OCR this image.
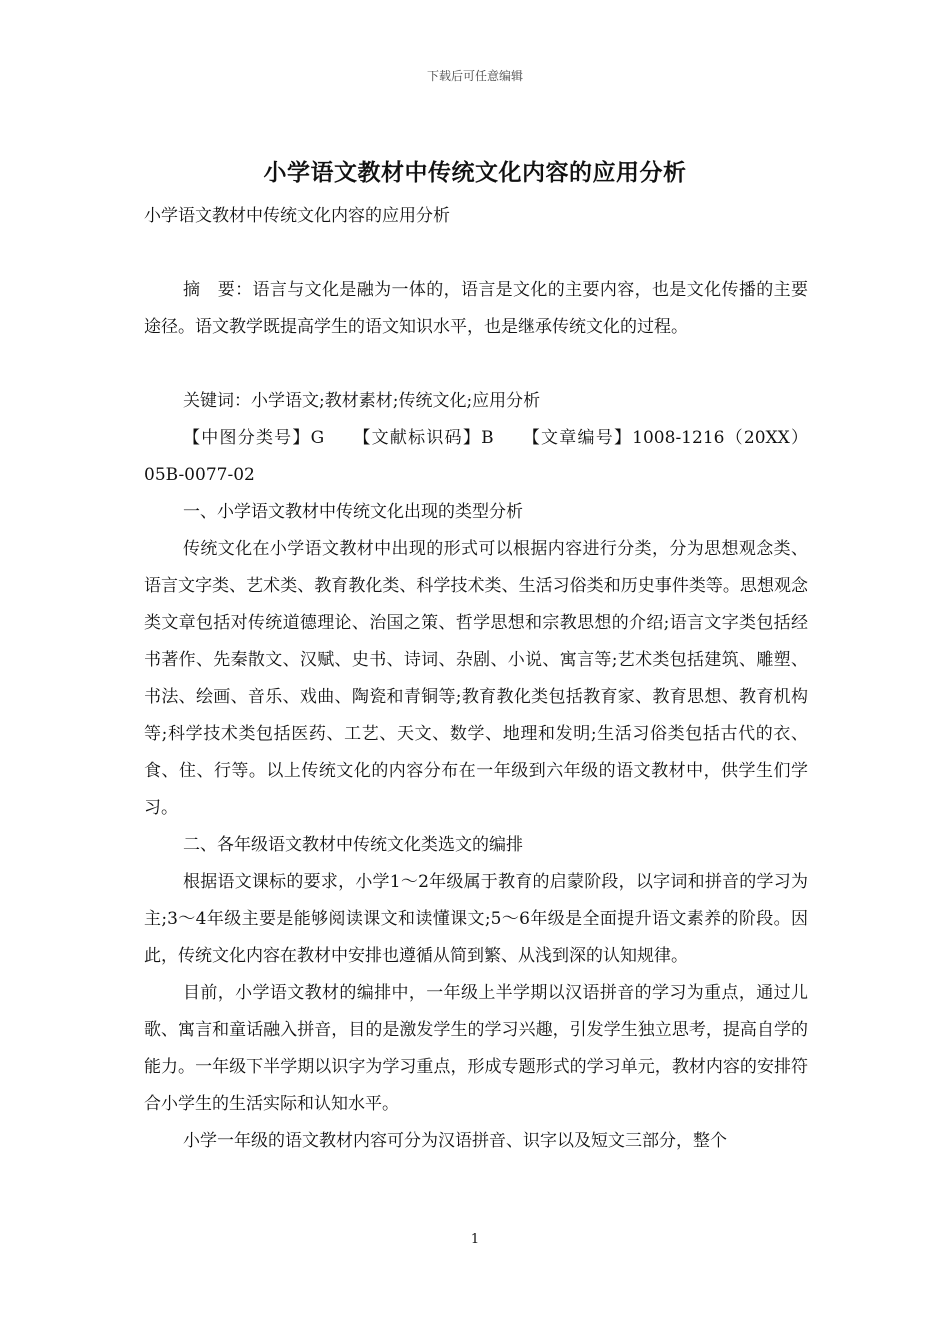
下载后可任意编辑
小学语文教材中传统文化内容的应用分析

小学语文教材中传统文化内容的应用分析

摘　要：语言与文化是融为一体的，语言是文化的主要内容，也是文化传播的主要途径。语文教学既提高学生的语文知识水平，也是继承传统文化的过程。

关键词：小学语文;教材素材;传统文化;应用分析

【中图分类号】G　　【文献标识码】B　　【文章编号】1008-1216（20XX）05B-0077-02

一、小学语文教材中传统文化出现的类型分析

传统文化在小学语文教材中出现的形式可以根据内容进行分类，分为思想观念类、语言文字类、艺术类、教育教化类、科学技术类、生活习俗类和历史事件类等。思想观念类文章包括对传统道德理论、治国之策、哲学思想和宗教思想的介绍;语言文字类包括经书著作、先秦散文、汉赋、史书、诗词、杂剧、小说、寓言等;艺术类包括建筑、雕塑、书法、绘画、音乐、戏曲、陶瓷和青铜等;教育教化类包括教育家、教育思想、教育机构等;科学技术类包括医药、工艺、天文、数学、地理和发明;生活习俗类包括古代的衣、食、住、行等。以上传统文化的内容分布在一年级到六年级的语文教材中，供学生们学习。

二、各年级语文教材中传统文化类选文的编排

根据语文课标的要求，小学1～2年级属于教育的启蒙阶段，以字词和拼音的学习为主;3～4年级主要是能够阅读课文和读懂课文;5～6年级是全面提升语文素养的阶段。因此，传统文化内容在教材中安排也遵循从简到繁、从浅到深的认知规律。

目前，小学语文教材的编排中，一年级上半学期以汉语拼音的学习为重点，通过儿歌、寓言和童话融入拼音，目的是激发学生的学习兴趣，引发学生独立思考，提高自学的能力。一年级下半学期以识字为学习重点，形成专题形式的学习单元，教材内容的安排符合小学生的生活实际和认知水平。

小学一年级的语文教材内容可分为汉语拼音、识字以及短文三部分，整个

1
